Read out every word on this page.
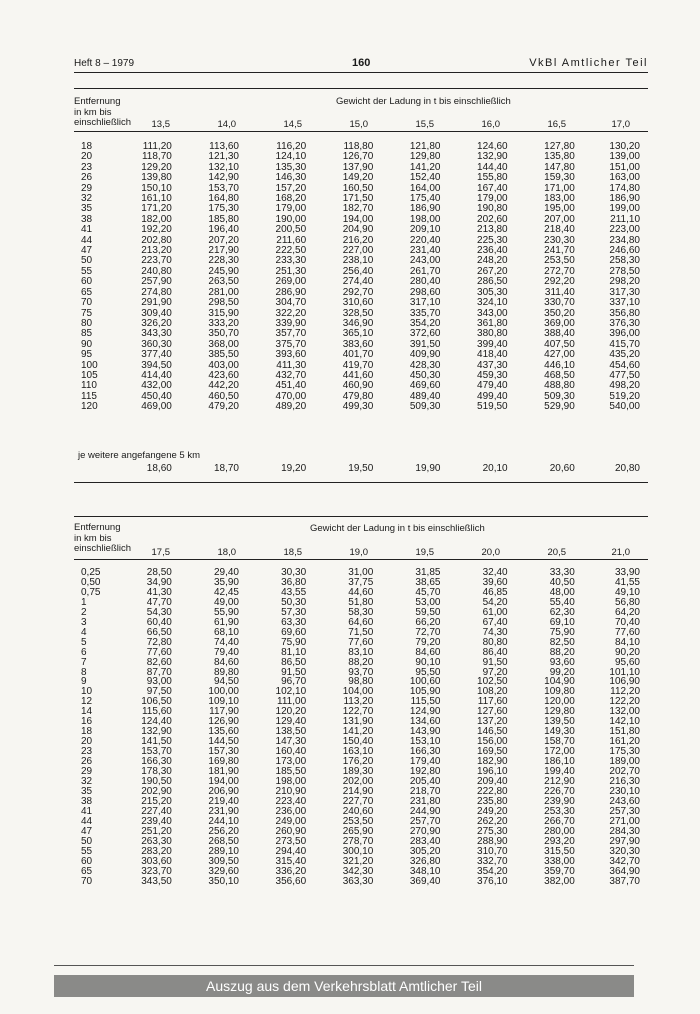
Heft 8 – 1979	160	VkBl Amtlicher Teil
Entfernung
in km bis
einschließlich
Gewicht der Ladung in t bis einschließlich
13,5	14,0	14,5	15,0	15,5	16,0	16,5	17,0
18	111,20	113,60	116,20	118,80	121,80	124,60	127,80	130,20
20	118,70	121,30	124,10	126,70	129,80	132,90	135,80	139,00
23	129,20	132,10	135,30	137,90	141,20	144,40	147,80	151,00
26	139,80	142,90	146,30	149,20	152,40	155,80	159,30	163,00
29	150,10	153,70	157,20	160,50	164,00	167,40	171,00	174,80
32	161,10	164,80	168,20	171,50	175,40	179,00	183,00	186,90
35	171,20	175,30	179,00	182,70	186,90	190,80	195,00	199,00
38	182,00	185,80	190,00	194,00	198,00	202,60	207,00	211,10
41	192,20	196,40	200,50	204,90	209,10	213,80	218,40	223,00
44	202,80	207,20	211,60	216,20	220,40	225,30	230,30	234,80
47	213,20	217,90	222,50	227,00	231,40	236,40	241,70	246,60
50	223,70	228,30	233,30	238,10	243,00	248,20	253,50	258,30
55	240,80	245,90	251,30	256,40	261,70	267,20	272,70	278,50
60	257,90	263,50	269,00	274,40	280,40	286,50	292,20	298,20
65	274,80	281,00	286,90	292,70	298,60	305,30	311,40	317,30
70	291,90	298,50	304,70	310,60	317,10	324,10	330,70	337,10
75	309,40	315,90	322,20	328,50	335,70	343,00	350,20	356,80
80	326,20	333,20	339,90	346,90	354,20	361,80	369,00	376,30
85	343,30	350,70	357,70	365,10	372,60	380,80	388,40	396,00
90	360,30	368,00	375,70	383,60	391,50	399,40	407,50	415,70
95	377,40	385,50	393,60	401,70	409,90	418,40	427,00	435,20
100	394,50	403,00	411,30	419,70	428,30	437,30	446,10	454,60
105	414,40	423,60	432,70	441,60	450,30	459,30	468,50	477,50
110	432,00	442,20	451,40	460,90	469,60	479,40	488,80	498,20
115	450,40	460,50	470,00	479,80	489,40	499,40	509,30	519,20
120	469,00	479,20	489,20	499,30	509,30	519,50	529,90	540,00
je weitere angefangene 5 km
	18,60	18,70	19,20	19,50	19,90	20,10	20,60	20,80
Entfernung
in km bis
einschließlich
Gewicht der Ladung in t bis einschließlich
17,5	18,0	18,5	19,0	19,5	20,0	20,5	21,0
0,25	28,50	29,40	30,30	31,00	31,85	32,40	33,30	33,90
0,50	34,90	35,90	36,80	37,75	38,65	39,60	40,50	41,55
0,75	41,30	42,45	43,55	44,60	45,70	46,85	48,00	49,10
1	47,70	49,00	50,30	51,80	53,00	54,20	55,40	56,80
2	54,30	55,90	57,30	58,30	59,50	61,00	62,30	64,20
3	60,40	61,90	63,30	64,60	66,20	67,40	69,10	70,40
4	66,50	68,10	69,60	71,50	72,70	74,30	75,90	77,60
5	72,80	74,40	75,90	77,60	79,20	80,80	82,50	84,10
6	77,60	79,40	81,10	83,10	84,60	86,40	88,20	90,20
7	82,60	84,60	86,50	88,20	90,10	91,50	93,60	95,60
8	87,70	89,80	91,50	93,70	95,50	97,20	99,20	101,10
9	93,00	94,50	96,70	98,80	100,60	102,50	104,90	106,90
10	97,50	100,00	102,10	104,00	105,90	108,20	109,80	112,20
12	106,50	109,10	111,00	113,20	115,50	117,60	120,00	122,20
14	115,60	117,90	120,20	122,70	124,90	127,60	129,80	132,00
16	124,40	126,90	129,40	131,90	134,60	137,20	139,50	142,10
18	132,90	135,60	138,50	141,20	143,90	146,50	149,30	151,80
20	141,50	144,50	147,30	150,40	153,10	156,00	158,70	161,20
23	153,70	157,30	160,40	163,10	166,30	169,50	172,00	175,30
26	166,30	169,80	173,00	176,20	179,40	182,90	186,10	189,00
29	178,30	181,90	185,50	189,30	192,80	196,10	199,40	202,70
32	190,50	194,00	198,00	202,00	205,40	209,40	212,90	216,30
35	202,90	206,90	210,90	214,90	218,70	222,80	226,70	230,10
38	215,20	219,40	223,40	227,70	231,80	235,80	239,90	243,60
41	227,40	231,90	236,00	240,60	244,90	249,20	253,30	257,30
44	239,40	244,10	249,00	253,50	257,70	262,20	266,70	271,00
47	251,20	256,20	260,90	265,90	270,90	275,30	280,00	284,30
50	263,30	268,50	273,50	278,70	283,40	288,90	293,20	297,90
55	283,20	289,10	294,40	300,10	305,20	310,70	315,50	320,30
60	303,60	309,50	315,40	321,20	326,80	332,70	338,00	342,70
65	323,70	329,60	336,20	342,30	348,10	354,20	359,70	364,90
70	343,50	350,10	356,60	363,30	369,40	376,10	382,00	387,70
Auszug aus dem Verkehrsblatt Amtlicher Teil
